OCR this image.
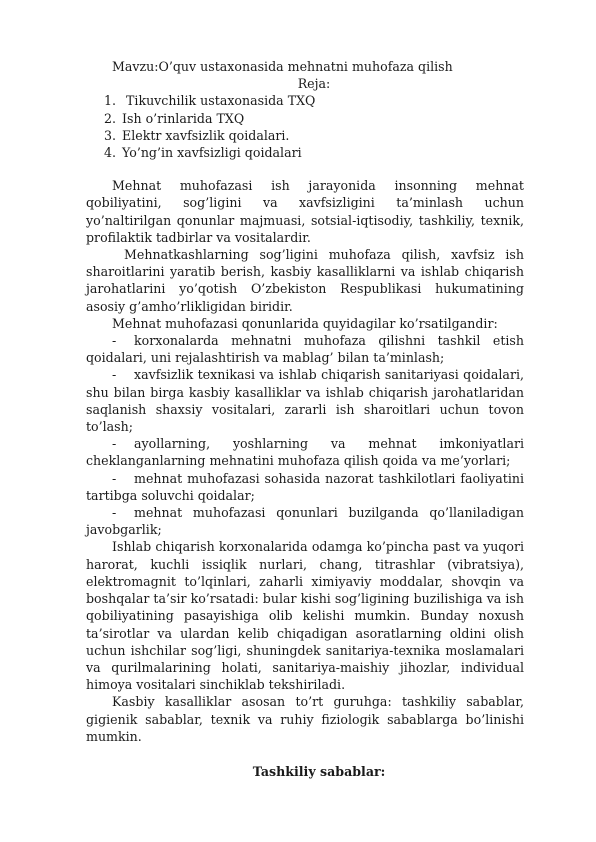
Mavzu:O’quv ustaxonasida mehnatni muhofaza qilish
Reja:
1. Tikuvchilik ustaxonasida TXQ
2. Ish o’rinlarida TXQ
3. Elektr xavfsizlik qoidalari.
4. Yo’ng’in xavfsizligi qoidalari

Mehnat muhofazasi ish jarayonida insonning mehnat qobiliyatini, sog’ligini va xavfsizligini ta’minlash uchun yo’naltirilgan qonunlar majmuasi, sotsial-iqtisodiy, tashkiliy, texnik, profilaktik tadbirlar va vositalardir.

Mehnatkashlarning sog’ligini muhofaza qilish, xavfsiz ish sharoitlarini yaratib berish, kasbiy kasalliklarni va ishlab chiqarish jarohatlarini yo’qotish O’zbekiston Respublikasi hukumatining asosiy g’amho’rlikligidan biridir.

Mehnat muhofazasi qonunlarida quyidagilar ko’rsatilgandir:

- korxonalarda mehnatni muhofaza qilishni tashkil etish qoidalari, uni rejalashtirish va mablag’ bilan ta’minlash;

- xavfsizlik texnikasi va ishlab chiqarish sanitariyasi qoidalari, shu bilan birga kasbiy kasalliklar va ishlab chiqarish jarohatlaridan saqlanish shaxsiy vositalari, zararli ish sharoitlari uchun tovon to’lash;

- ayollarning, yoshlarning va mehnat imkoniyatlari cheklanganlarning mehnatini muhofaza qilish qoida va me’yorlari;

- mehnat muhofazasi sohasida nazorat tashkilotlari faoliyatini tartibga soluvchi qoidalar;

- mehnat muhofazasi qonunlari buzilganda qo’llaniladigan javobgarlik;

Ishlab chiqarish korxonalarida odamga ko’pincha past va yuqori harorat, kuchli issiqlik nurlari, chang, titrashlar (vibratsiya), elektromagnit to’lqinlari, zaharli ximiyaviy moddalar, shovqin va boshqalar ta’sir ko’rsatadi: bular kishi sog’ligining buzilishiga va ish qobiliyatining pasayishiga olib kelishi mumkin. Bunday noxush ta’sirotlar va ulardan kelib chiqadigan asoratlarning oldini olish uchun ishchilar sog’ligi, shuningdek sanitariya-texnika moslamalari va qurilmalarining holati, sanitariya-maishiy jihozlar, individual himoya vositalari sinchiklab tekshiriladi.

Kasbiy kasalliklar asosan to’rt guruhga: tashkiliy sabablar, gigienik sabablar, texnik va ruhiy fiziologik sabablarga bo’linishi mumkin.

Tashkiliy sabablar:
